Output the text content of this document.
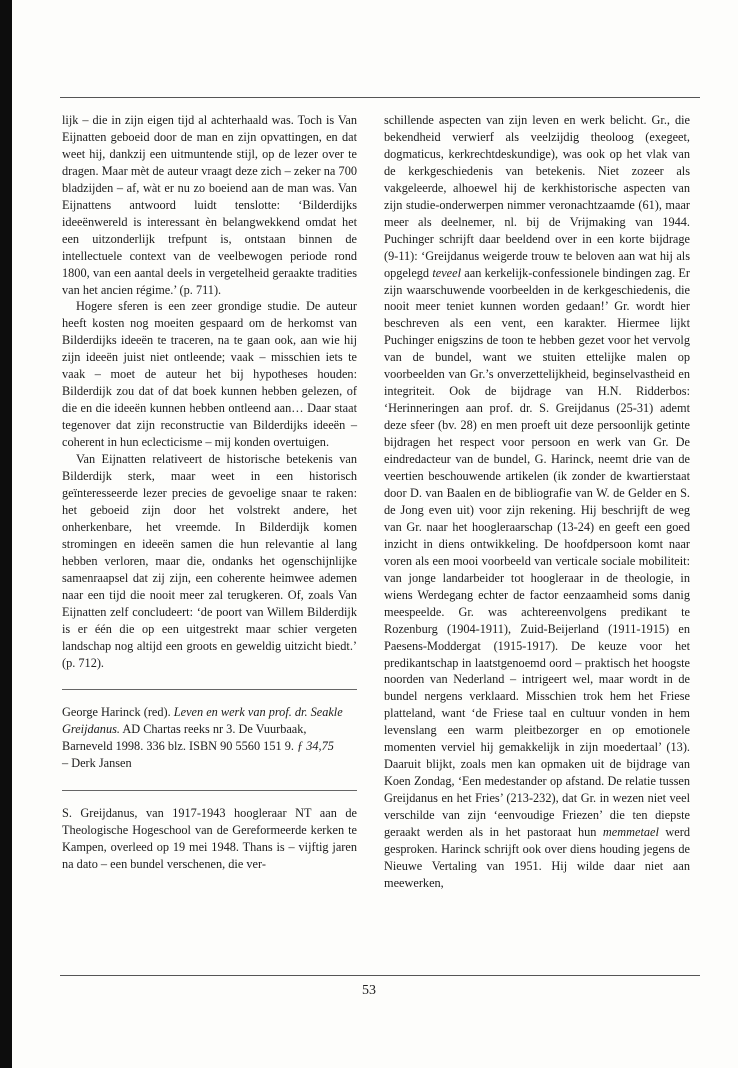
lijk – die in zijn eigen tijd al achterhaald was. Toch is Van Eijnatten geboeid door de man en zijn opvattingen, en dat weet hij, dankzij een uitmuntende stijl, op de lezer over te dragen. Maar mèt de auteur vraagt deze zich – zeker na 700 bladzijden – af, wàt er nu zo boeiend aan de man was. Van Eijnattens antwoord luidt tenslotte: ‘Bilderdijks ideeënwereld is interessant èn belangwekkend omdat het een uitzonderlijk trefpunt is, ontstaan binnen de intellectuele context van de veelbewogen periode rond 1800, van een aantal deels in vergetelheid geraakte tradities van het ancien régime.’ (p. 711).

Hogere sferen is een zeer grondige studie. De auteur heeft kosten nog moeiten gespaard om de herkomst van Bilderdijks ideeën te traceren, na te gaan ook, aan wie hij zijn ideeën juist niet ontleende; vaak – misschien iets te vaak – moet de auteur het bij hypotheses houden: Bilderdijk zou dat of dat boek kunnen hebben gelezen, of die en die ideeën kunnen hebben ontleend aan… Daar staat tegenover dat zijn reconstructie van Bilderdijks ideeën – coherent in hun eclecticisme – mij konden overtuigen.

Van Eijnatten relativeert de historische betekenis van Bilderdijk sterk, maar weet in een historisch geïnteresseerde lezer precies de gevoelige snaar te raken: het geboeid zijn door het volstrekt andere, het onherkenbare, het vreemde. In Bilderdijk komen stromingen en ideeën samen die hun relevantie al lang hebben verloren, maar die, ondanks het ogenschijnlijke samenraapsel dat zij zijn, een coherente heimwee ademen naar een tijd die nooit meer zal terugkeren. Of, zoals Van Eijnatten zelf concludeert: ‘de poort van Willem Bilderdijk is er één die op een uitgestrekt maar schier vergeten landschap nog altijd een groots en geweldig uitzicht biedt.’ (p. 712).

George Harinck (red). Leven en werk van prof. dr. Seakle Greijdanus. AD Chartas reeks nr 3. De Vuurbaak, Barneveld 1998. 336 blz. ISBN 90 5560 151 9. ƒ 34,75

– Derk Jansen

S. Greijdanus, van 1917-1943 hoogleraar NT aan de Theologische Hogeschool van de Gereformeerde kerken te Kampen, overleed op 19 mei 1948. Thans is – vijftig jaren na dato – een bundel verschenen, die ver-

schillende aspecten van zijn leven en werk belicht. Gr., die bekendheid verwierf als veelzijdig theoloog (exegeet, dogmaticus, kerkrechtdeskundige), was ook op het vlak van de kerkgeschiedenis van betekenis. Niet zozeer als vakgeleerde, alhoewel hij de kerkhistorische aspecten van zijn studie-onderwerpen nimmer veronachtzaamde (61), maar meer als deelnemer, nl. bij de Vrijmaking van 1944. Puchinger schrijft daar beeldend over in een korte bijdrage (9-11): ‘Greijdanus weigerde trouw te beloven aan wat hij als opgelegd teveel aan kerkelijk-confessionele bindingen zag. Er zijn waarschuwende voorbeelden in de kerkgeschiedenis, die nooit meer teniet kunnen worden gedaan!’ Gr. wordt hier beschreven als een vent, een karakter. Hiermee lijkt Puchinger enigszins de toon te hebben gezet voor het vervolg van de bundel, want we stuiten ettelijke malen op voorbeelden van Gr.’s onverzettelijkheid, beginselvastheid en integriteit. Ook de bijdrage van H.N. Ridderbos: ‘Herinneringen aan prof. dr. S. Greijdanus (25-31) ademt deze sfeer (bv. 28) en men proeft uit deze persoonlijk getinte bijdragen het respect voor persoon en werk van Gr. De eindredacteur van de bundel, G. Harinck, neemt drie van de veertien beschouwende artikelen (ik zonder de kwartierstaat door D. van Baalen en de bibliografie van W. de Gelder en S. de Jong even uit) voor zijn rekening. Hij beschrijft de weg van Gr. naar het hoogleraarschap (13-24) en geeft een goed inzicht in diens ontwikkeling. De hoofdpersoon komt naar voren als een mooi voorbeeld van verticale sociale mobiliteit: van jonge landarbeider tot hoogleraar in de theologie, in wiens Werdegang echter de factor eenzaamheid soms danig meespeelde. Gr. was achtereenvolgens predikant te Rozenburg (1904-1911), Zuid-Beijerland (1911-1915) en Paesens-Moddergat (1915-1917). De keuze voor het predikantschap in laatstgenoemd oord – praktisch het hoogste noorden van Nederland – intrigeert wel, maar wordt in de bundel nergens verklaard. Misschien trok hem het Friese platteland, want ‘de Friese taal en cultuur vonden in hem levenslang een warm pleitbezorger en op emotionele momenten verviel hij gemakkelijk in zijn moedertaal’ (13). Daaruit blijkt, zoals men kan opmaken uit de bijdrage van Koen Zondag, ‘Een medestander op afstand. De relatie tussen Greijdanus en het Fries’ (213-232), dat Gr. in wezen niet veel verschilde van zijn ‘eenvoudige Friezen’ die ten diepste geraakt werden als in het pastoraat hun memmetael werd gesproken. Harinck schrijft ook over diens houding jegens de Nieuwe Vertaling van 1951. Hij wilde daar niet aan meewerken,

53
